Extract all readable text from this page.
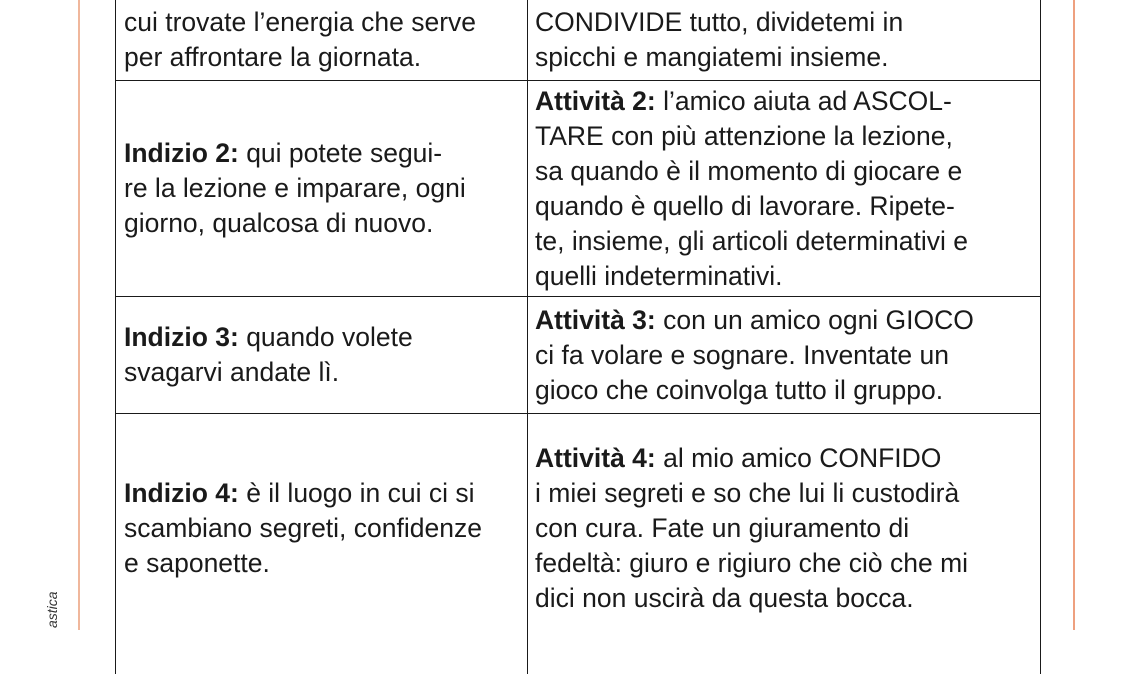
astica
cui trovate l’energia che serve
per affrontare la giornata.
CONDIVIDE tutto, dividetemi in
spicchi e mangiatemi insieme.
Indizio 2: qui potete segui-
re la lezione e imparare, ogni
giorno, qualcosa di nuovo.
Attività 2: l’amico aiuta ad ASCOL-
TARE con più attenzione la lezione,
sa quando è il momento di giocare e
quando è quello di lavorare. Ripete-
te, insieme, gli articoli determinativi e
quelli indeterminativi.
Indizio 3: quando volete
svagarvi andate lì.
Attività 3: con un amico ogni GIOCO
ci fa volare e sognare. Inventate un
gioco che coinvolga tutto il gruppo.
Indizio 4: è il luogo in cui ci si
scambiano segreti, confidenze
e saponette.
Attività 4: al mio amico CONFIDO
i miei segreti e so che lui li custodirà
con cura. Fate un giuramento di
fedeltà: giuro e rigiuro che ciò che mi
dici non uscirà da questa bocca.
